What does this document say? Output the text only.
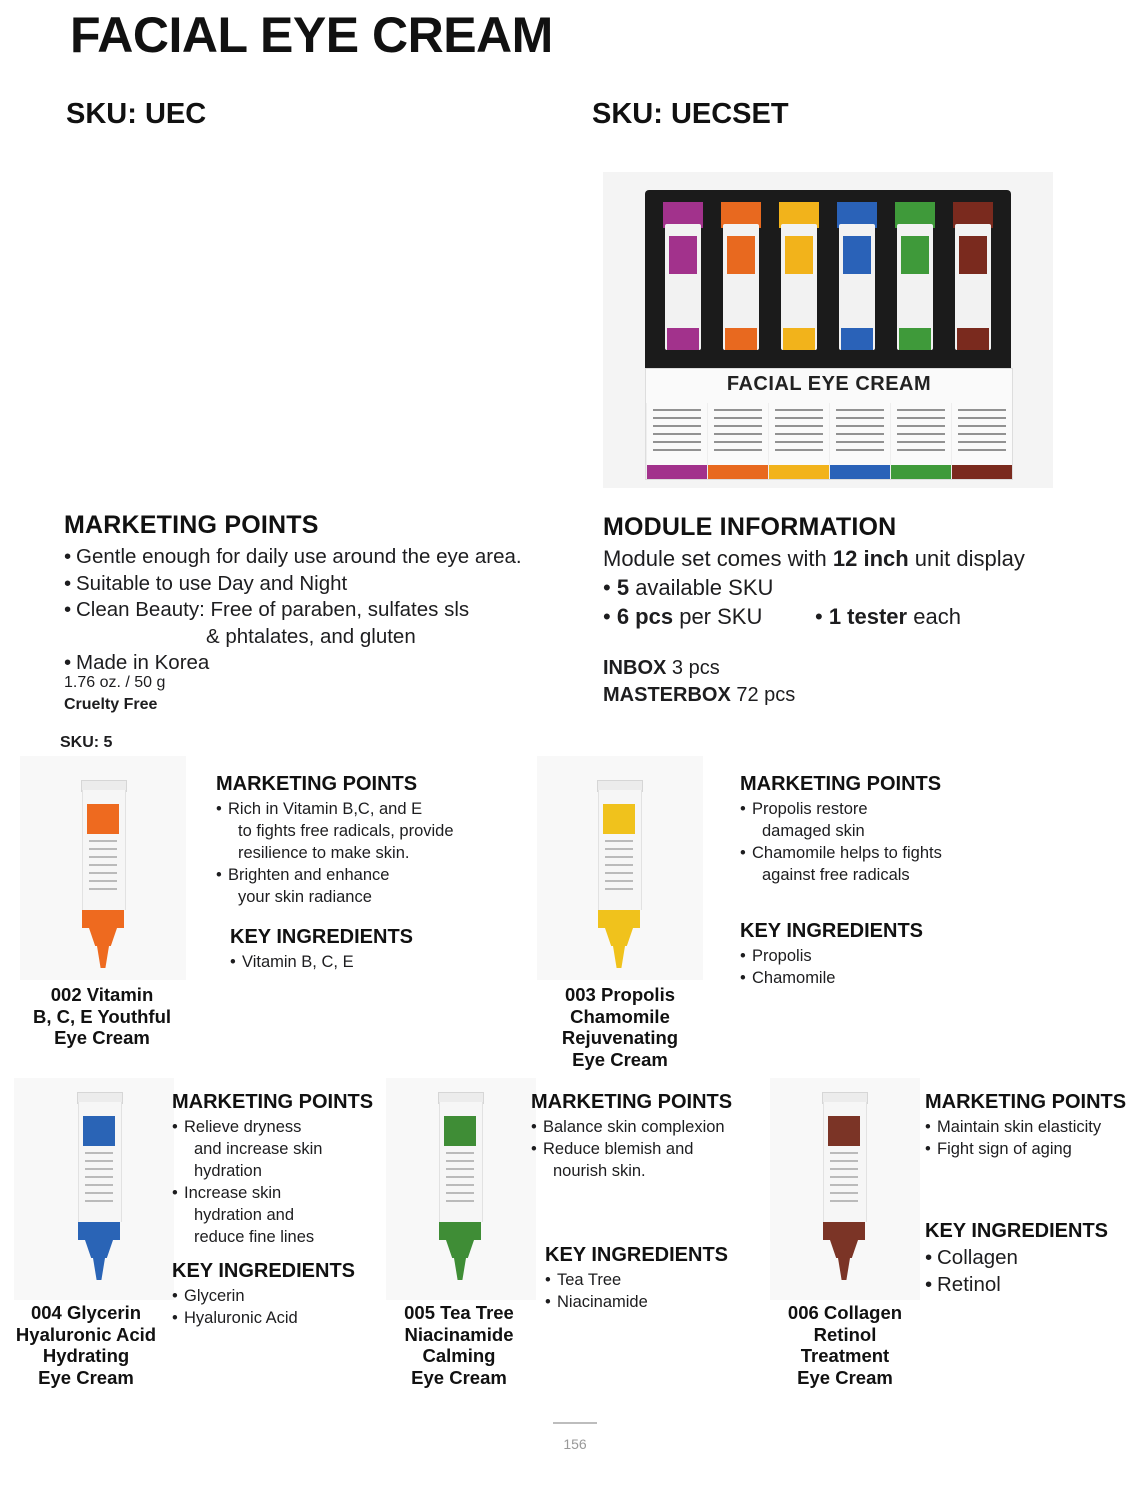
FACIAL EYE CREAM

SKU: UEC	SKU: UECSET

FACIAL EYE CREAM
MARKETING POINTS
• Gentle enough for daily use around the eye area.
• Suitable to use Day and Night
• Clean Beauty: Free of paraben, sulfates sls
& phtalates, and gluten
• Made in Korea
1.76 oz. / 50 g
Cruelty Free
SKU: 5
MODULE INFORMATION
Module set comes with 12 inch unit display
• 5 available SKU
• 6 pcs per SKU • 1 tester each
INBOX 3 pcs
MASTERBOX 72 pcs
002 Vitamin
B, C, E Youthful
Eye Cream
MARKETING POINTS
• Rich in Vitamin B,C, and E
to fights free radicals, provide
resilience to make skin.
• Brighten and enhance
your skin radiance
KEY INGREDIENTS
• Vitamin B, C, E
003 Propolis
Chamomile
Rejuvenating
Eye Cream
MARKETING POINTS
• Propolis restore
damaged skin
• Chamomile helps to fights
against free radicals
KEY INGREDIENTS
• Propolis
• Chamomile
004 Glycerin
Hyaluronic Acid
Hydrating
Eye Cream
MARKETING POINTS
• Relieve dryness
and increase skin
hydration
• Increase skin
hydration and
reduce fine lines
KEY INGREDIENTS
• Glycerin
• Hyaluronic Acid	005 Tea Tree
Niacinamide
Calming
Eye Cream
MARKETING POINTS
• Balance skin complexion
• Reduce blemish and
nourish skin.
KEY INGREDIENTS
• Tea Tree
• Niacinamide	006 Collagen
Retinol
Treatment
Eye Cream
MARKETING POINTS
• Maintain skin elasticity
• Fight sign of aging
KEY INGREDIENTS
• Collagen
• Retinol
156
